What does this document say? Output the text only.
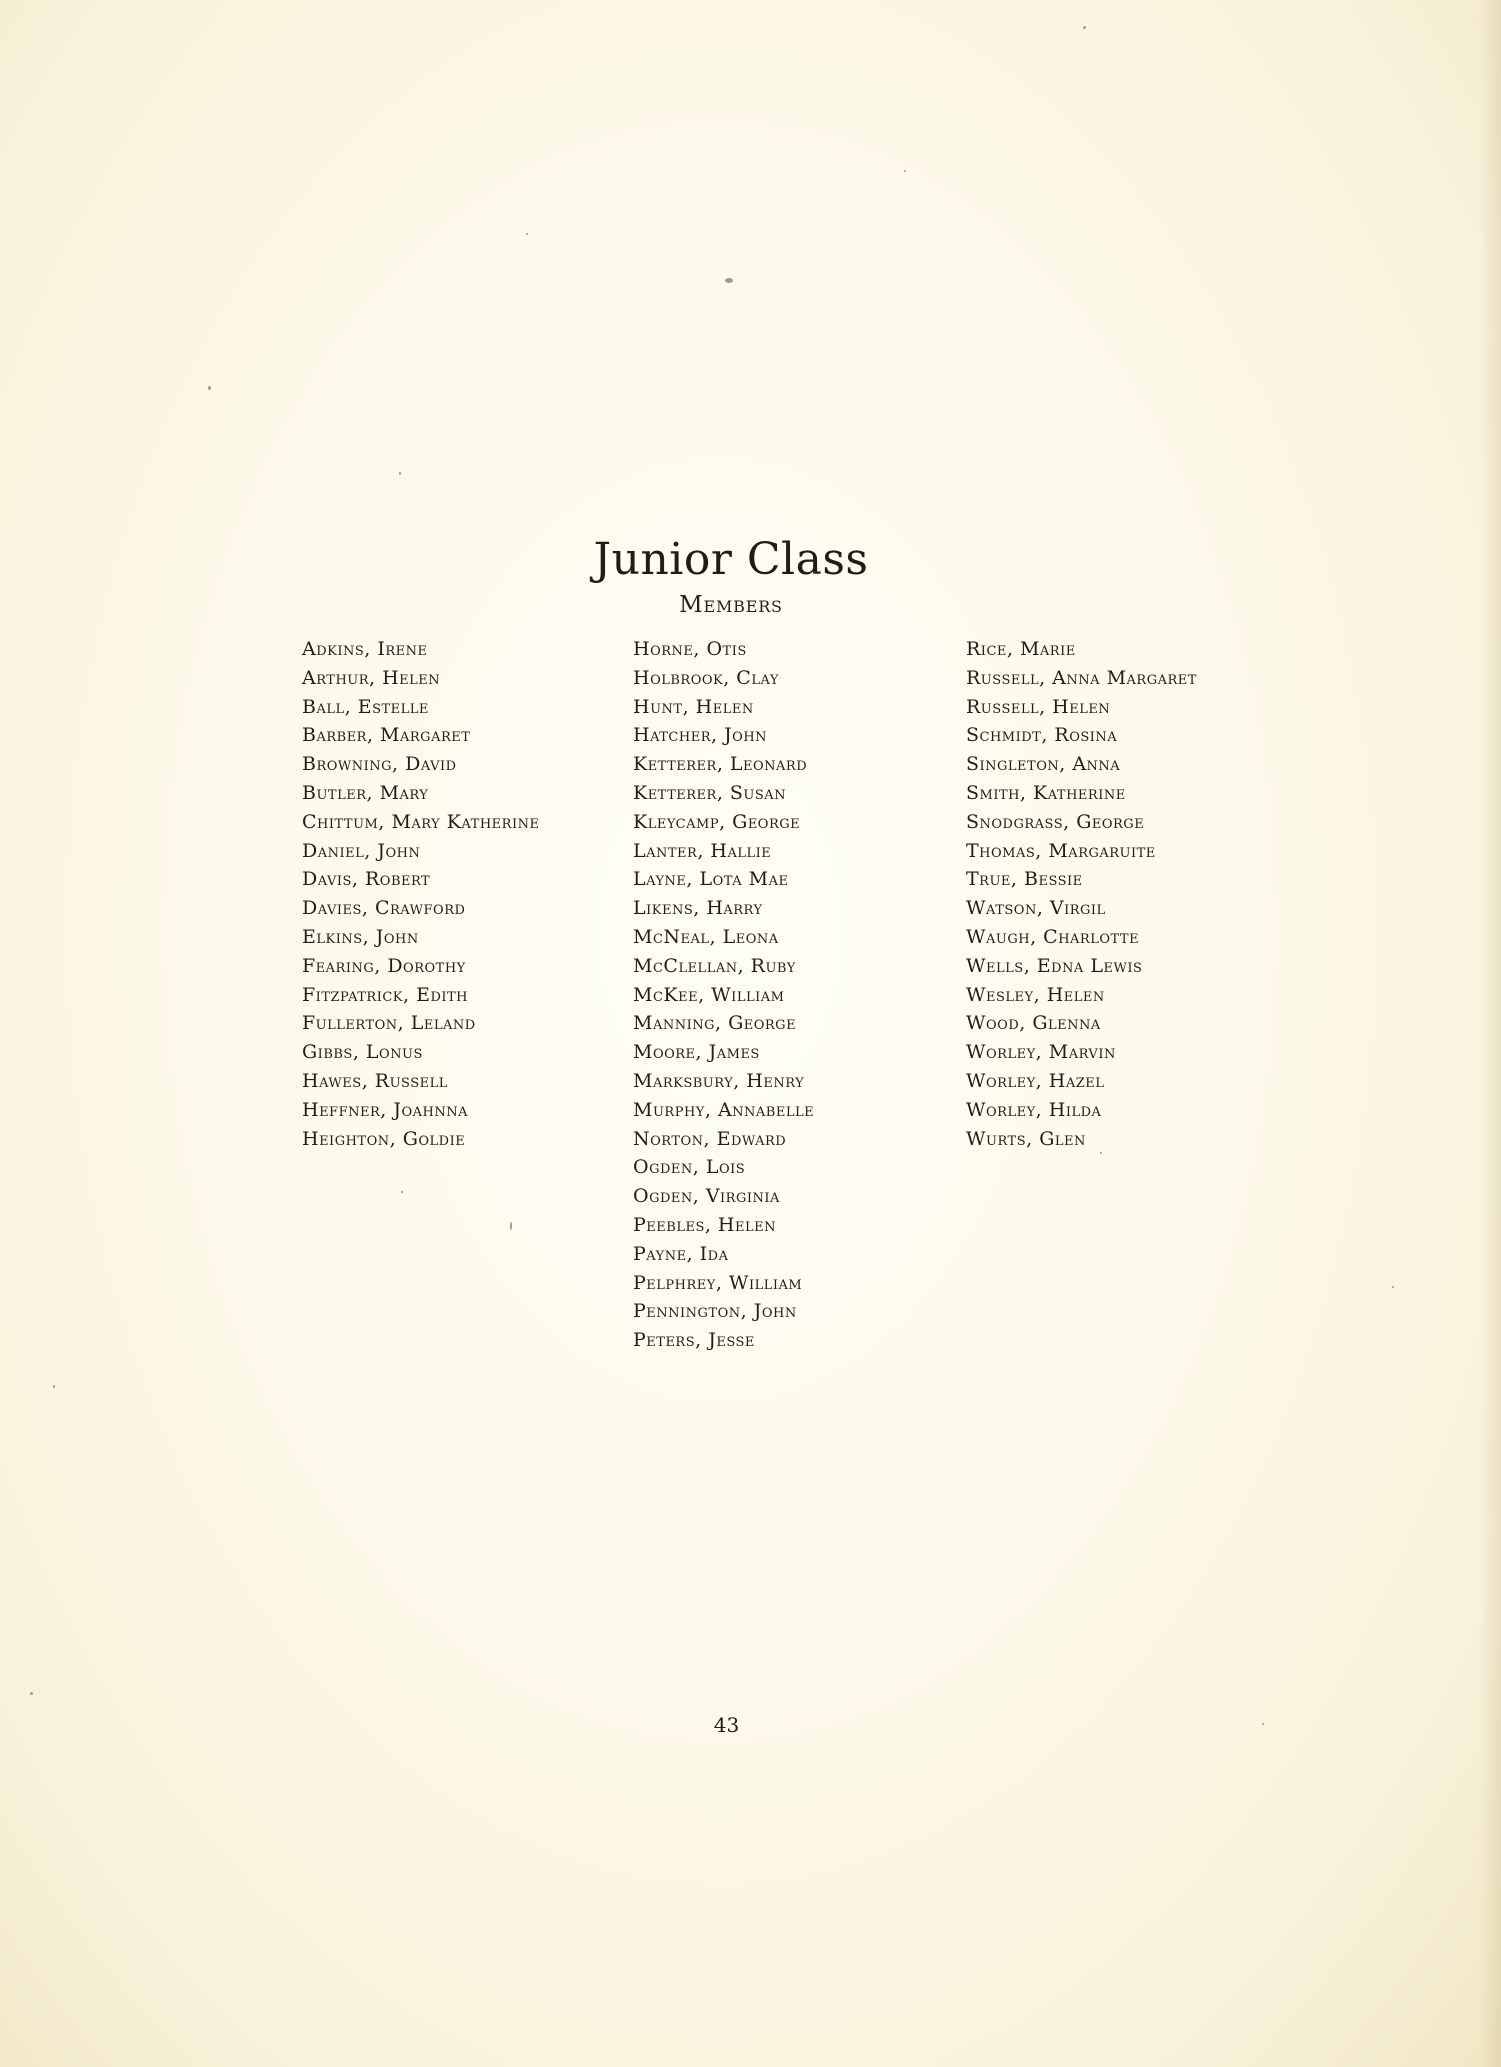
Junior Class
Members
Adkins, Irene
Arthur, Helen
Ball, Estelle
Barber, Margaret
Browning, David
Butler, Mary
Chittum, Mary Katherine
Daniel, John
Davis, Robert
Davies, Crawford
Elkins, John
Fearing, Dorothy
Fitzpatrick, Edith
Fullerton, Leland
Gibbs, Lonus
Hawes, Russell
Heffner, Joahnna
Heighton, Goldie
Horne, Otis
Holbrook, Clay
Hunt, Helen
Hatcher, John
Ketterer, Leonard
Ketterer, Susan
Kleycamp, George
Lanter, Hallie
Layne, Lota Mae
Likens, Harry
McNeal, Leona
McClellan, Ruby
McKee, William
Manning, George
Moore, James
Marksbury, Henry
Murphy, Annabelle
Norton, Edward
Ogden, Lois
Ogden, Virginia
Peebles, Helen
Payne, Ida
Pelphrey, William
Pennington, John
Peters, Jesse
Rice, Marie
Russell, Anna Margaret
Russell, Helen
Schmidt, Rosina
Singleton, Anna
Smith, Katherine
Snodgrass, George
Thomas, Margaruite
True, Bessie
Watson, Virgil
Waugh, Charlotte
Wells, Edna Lewis
Wesley, Helen
Wood, Glenna
Worley, Marvin
Worley, Hazel
Worley, Hilda
Wurts, Glen
43
